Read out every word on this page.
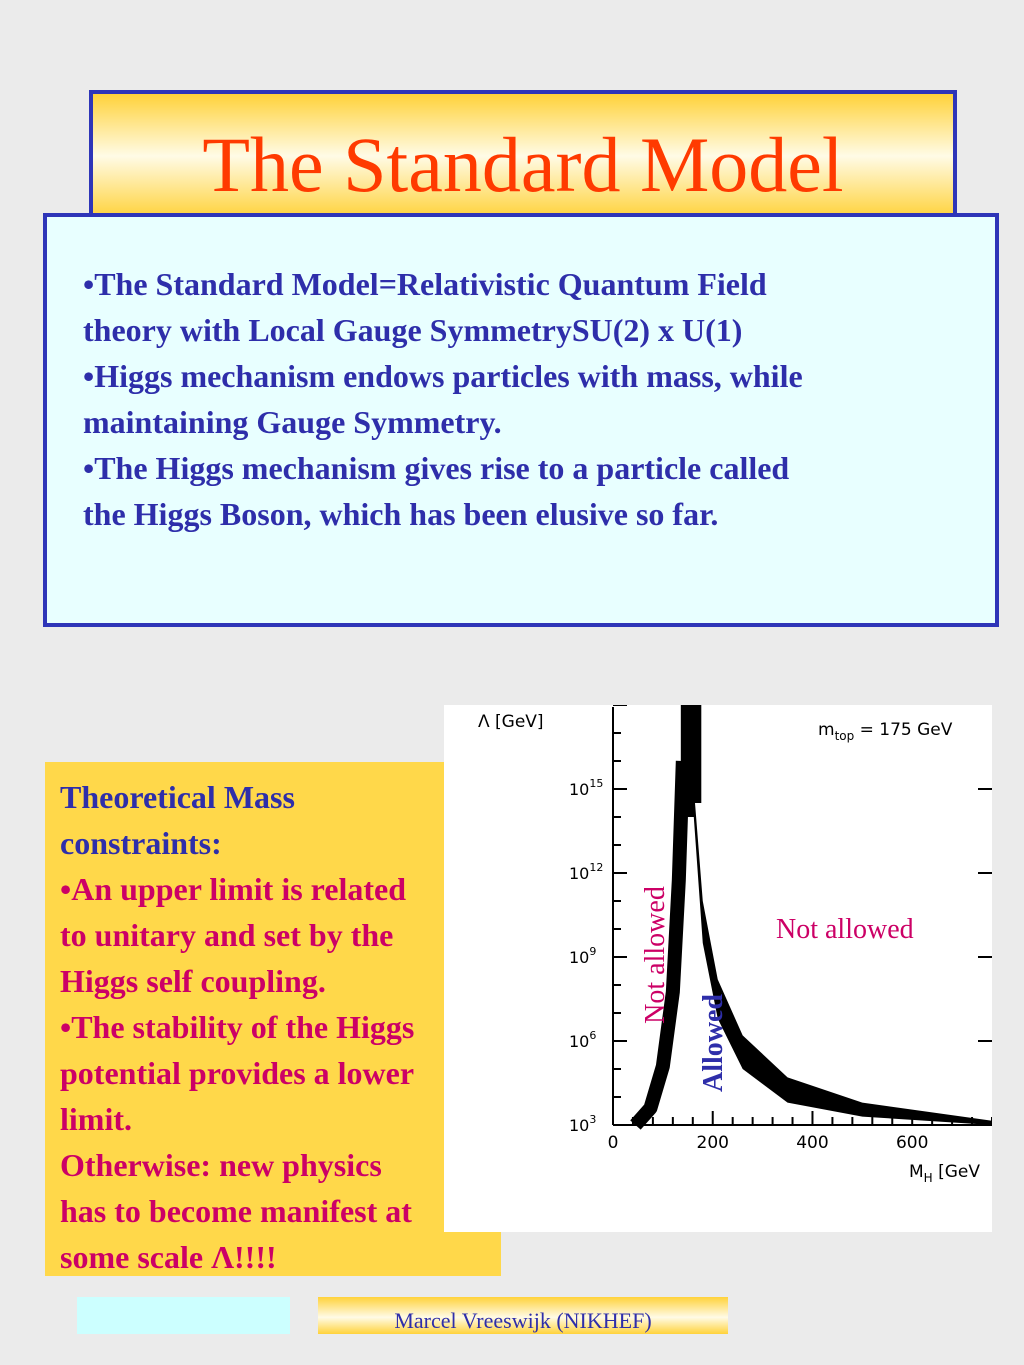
The Standard Model
•The Standard Model=Relativistic Quantum Field
theory with Local Gauge SymmetrySU(2) x U(1)
•Higgs mechanism endows particles with mass, while
maintaining Gauge Symmetry.
•The Higgs mechanism gives rise to a particle called
the Higgs Boson, which has been elusive so far.
Theoretical Mass
constraints:
•An upper limit is related
to unitary and set by the
Higgs self coupling.
•The stability of the Higgs
potential provides a lower
limit.
Otherwise: new physics
has to become manifest at
some scale Λ!!!!
$10^3$
$10^6$
$10^9$
$10^{12}$
$10^{15}$
0	200	400	600
Λ [GeV]
$M_H$ [GeV
$m_{top} = 175$ GeV
Not allowed	Not allowed
Allowed
Marcel Vreeswijk (NIKHEF)
